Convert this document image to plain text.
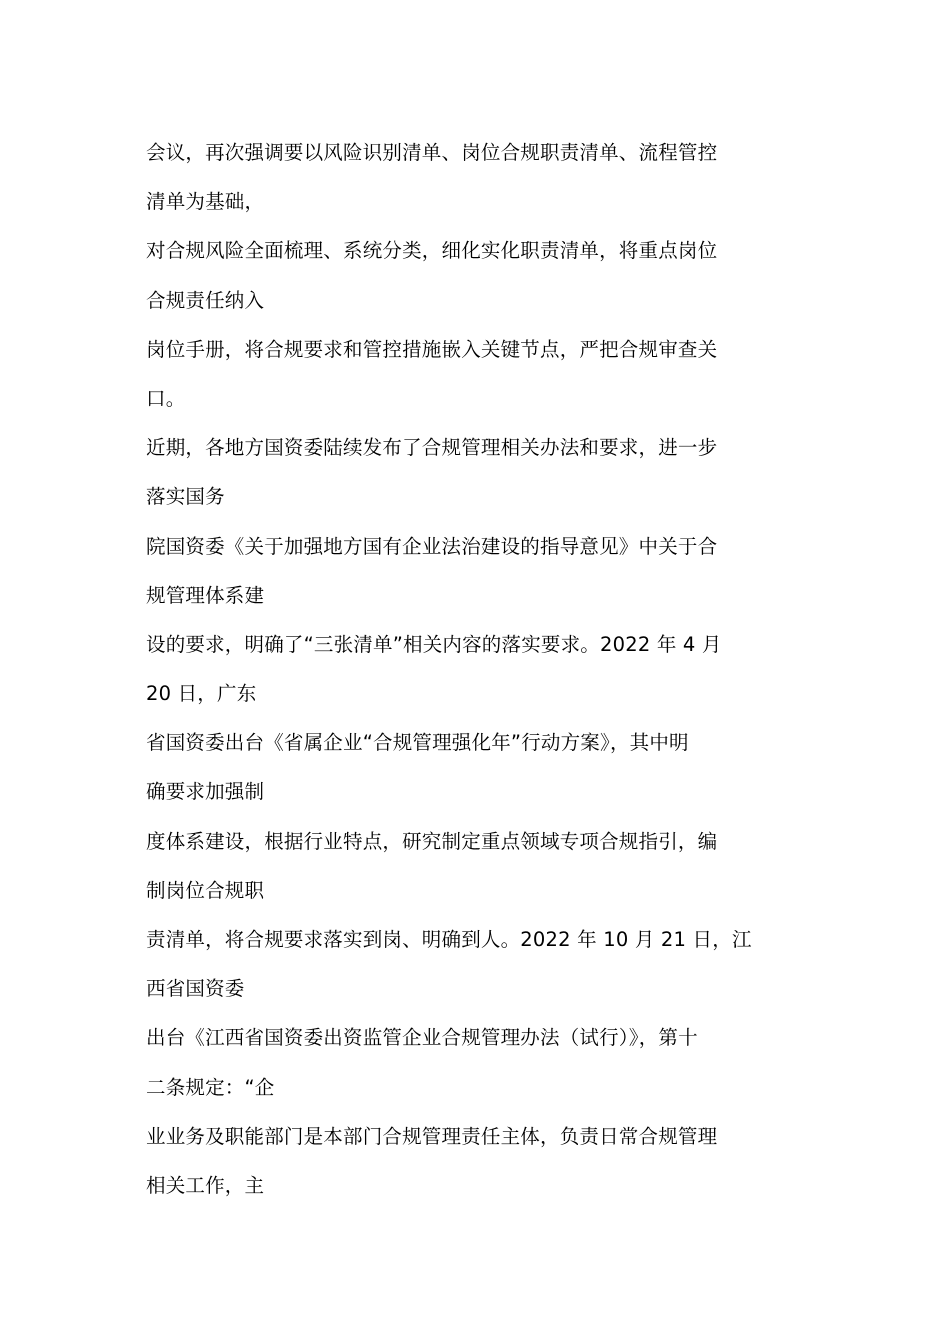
会议，再次强调要以风险识别清单、岗位合规职责清单、流程管控
清单为基础，
对合规风险全面梳理、系统分类，细化实化职责清单，将重点岗位
合规责任纳入
岗位手册，将合规要求和管控措施嵌入关键节点，严把合规审查关
口。
近期，各地方国资委陆续发布了合规管理相关办法和要求，进一步
落实国务
院国资委《关于加强地方国有企业法治建设的指导意见》中关于合
规管理体系建
设的要求，明确了“三张清单”相关内容的落实要求。2022 年 4 月
20 日，广东
省国资委出台《省属企业“合规管理强化年”行动方案》，其中明
确要求加强制
度体系建设，根据行业特点，研究制定重点领域专项合规指引，编
制岗位合规职
责清单，将合规要求落实到岗、明确到人。2022 年 10 月 21 日，江
西省国资委
出台《江西省国资委出资监管企业合规管理办法（试行）》，第十
二条规定：“企
业业务及职能部门是本部门合规管理责任主体，负责日常合规管理
相关工作，主
